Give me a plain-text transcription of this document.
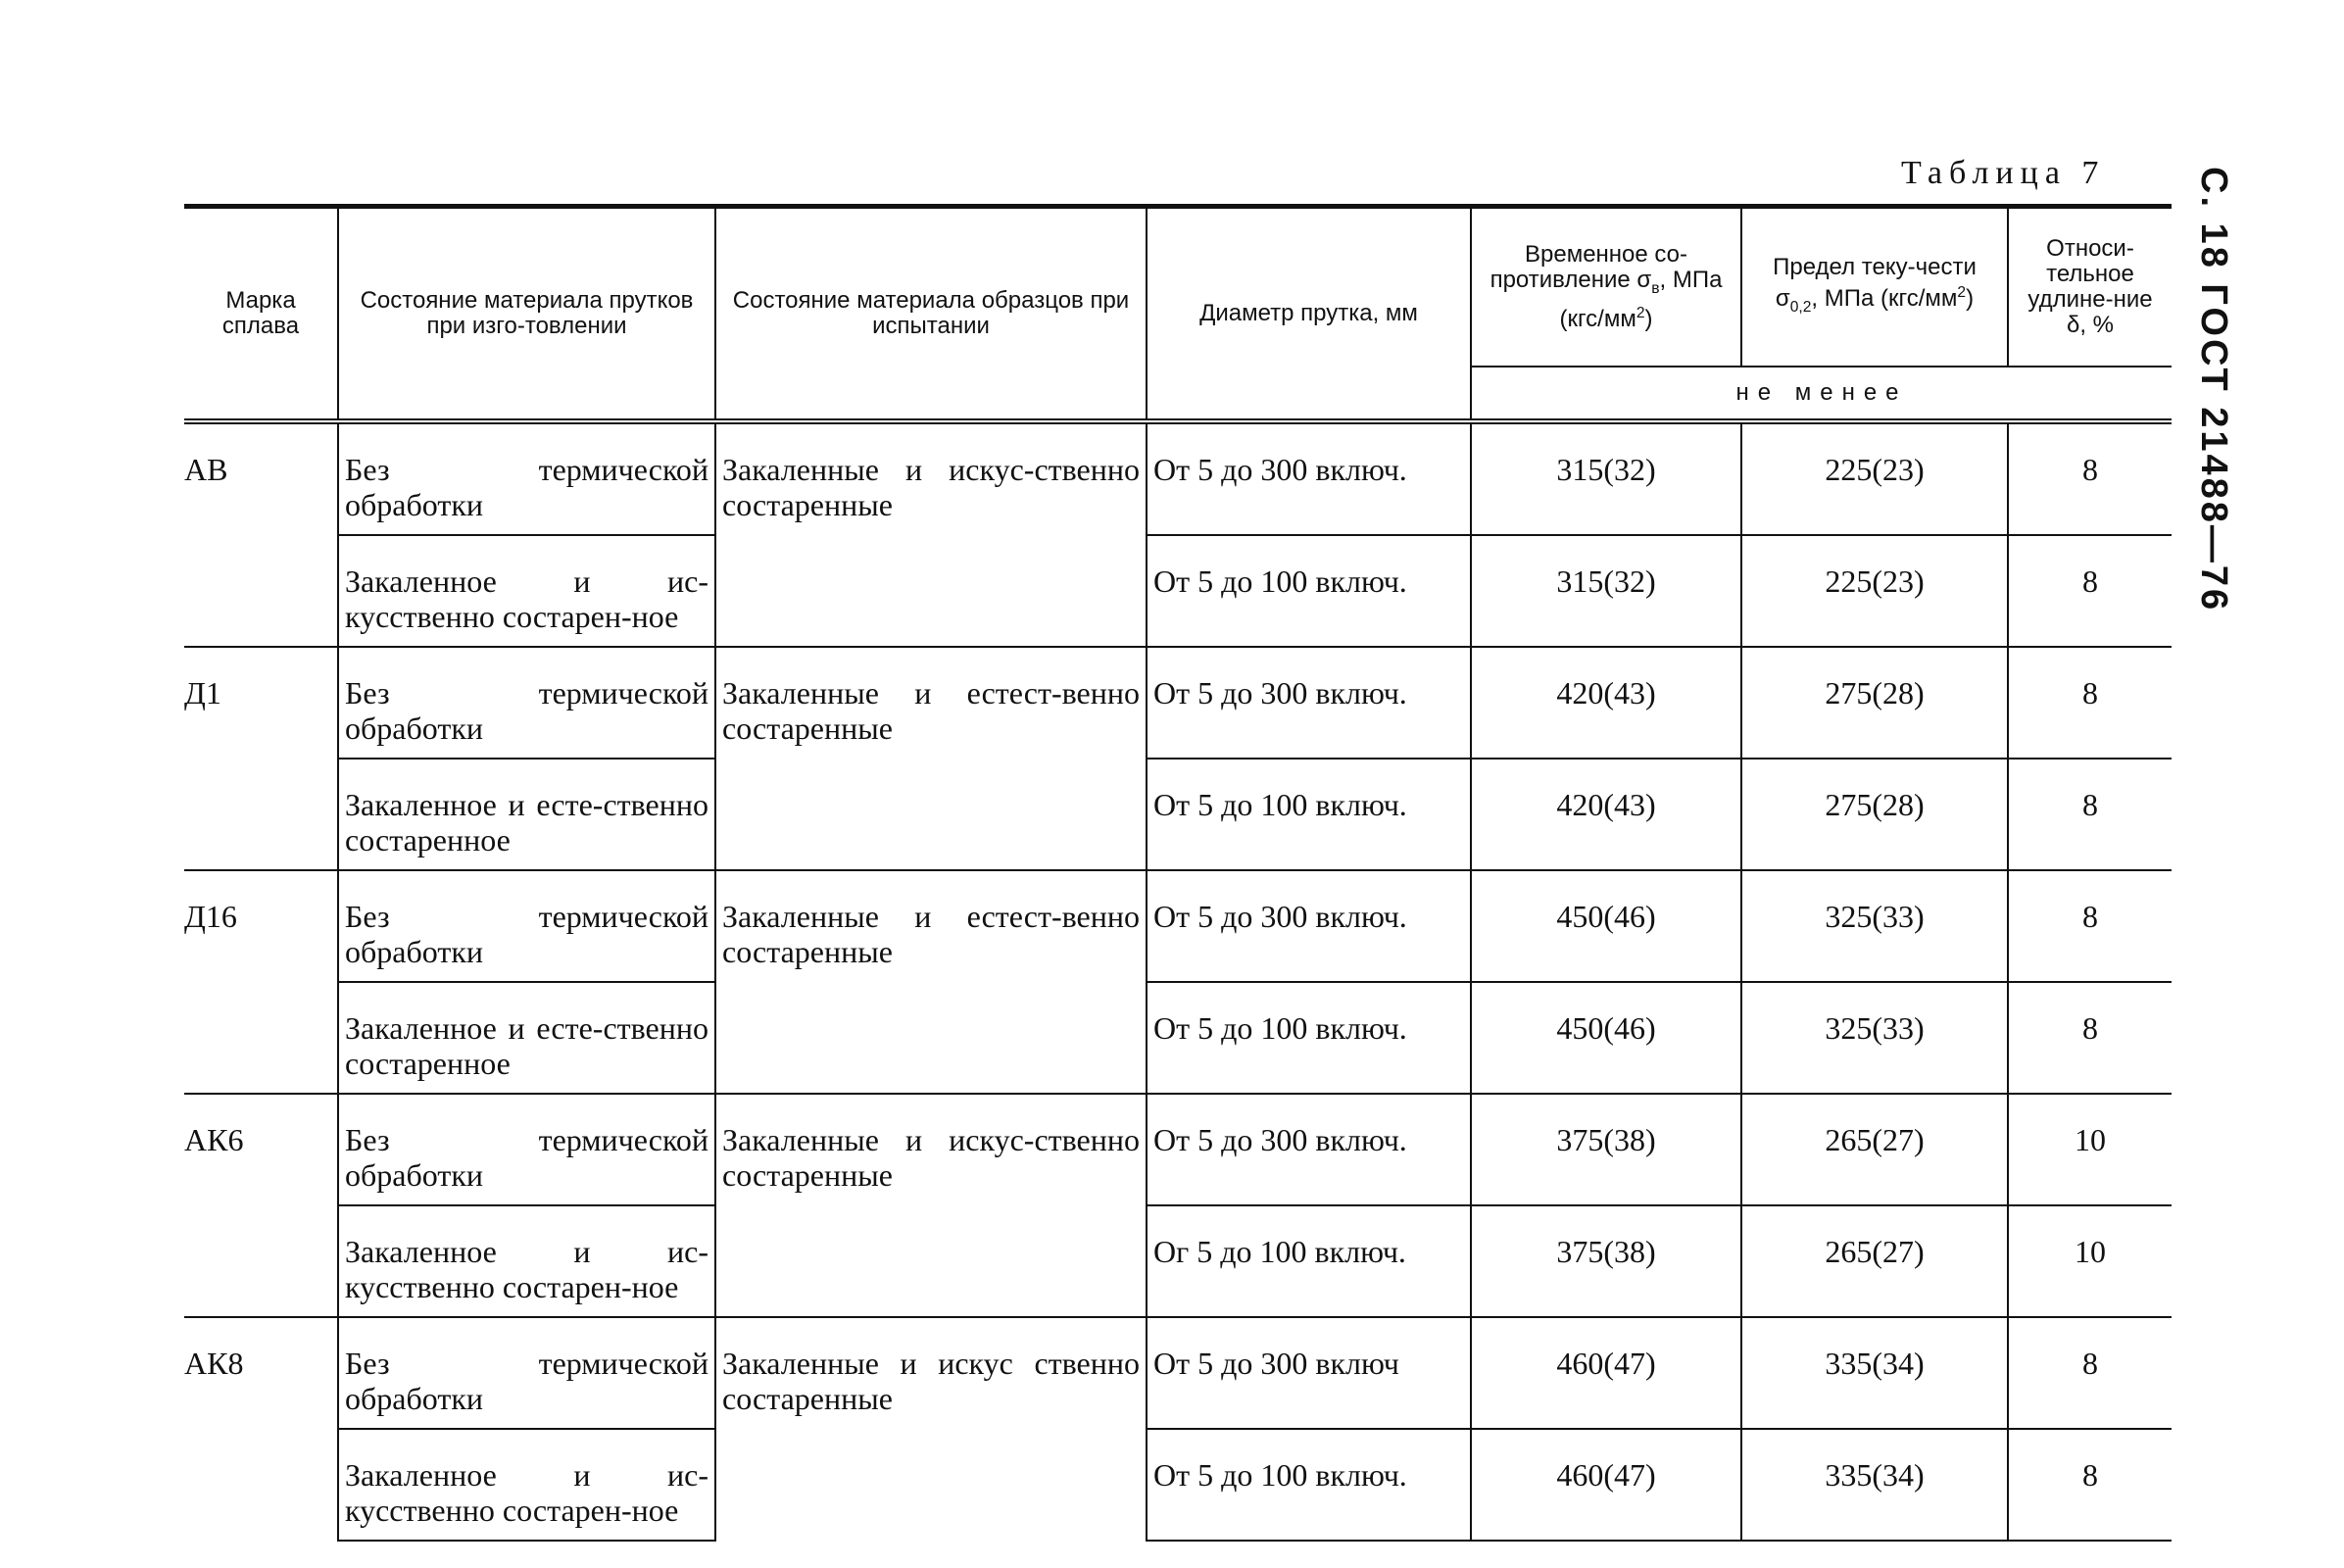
Таблица 7 С. 18 ГОСТ 21488—76
Марка сплава	Состояние материала прутков при изго-товлении	Состояние материала образцов при испытании	Диаметр прутка, мм	Временное со-противление $\sigma_в$, МПа $(кгс/мм^2)$	Предел теку-чести $\sigma_{0,2}$, МПа $(кгс/мм^2)$	Относи-тельное удлине-ние δ, %
				не менее		
АВ	Без термической обработки	Закаленные и искус-ственно состаренные	От 5 до 300 включ.	315(32)	225(23)	8
	Закаленное и ис-кусственно состарен-ное		От 5 до 100 включ.	315(32)	225(23)	8
Д1	Без термической обработки	Закаленные и естест-венно состаренные	От 5 до 300 включ.	420(43)	275(28)	8
	Закаленное и есте-ственно состаренное		От 5 до 100 включ.	420(43)	275(28)	8
Д16	Без термической обработки	Закаленные и естест-венно состаренные	От 5 до 300 включ.	450(46)	325(33)	8
	Закаленное и есте-ственно состаренное		От 5 до 100 включ.	450(46)	325(33)	8
АК6	Без термической обработки	Закаленные и искус-ственно состаренные	От 5 до 300 включ.	375(38)	265(27)	10
	Закаленное и ис-кусственно состарен-ное		Ог 5 до 100 включ.	375(38)	265(27)	10
АК8	Без термической обработки	Закаленные и искус ственно состаренные	От 5 до 300 включ	460(47)	335(34)	8
	Закаленное и ис-кусственно состарен-ное		От 5 до 100 включ.	460(47)	335(34)	8
